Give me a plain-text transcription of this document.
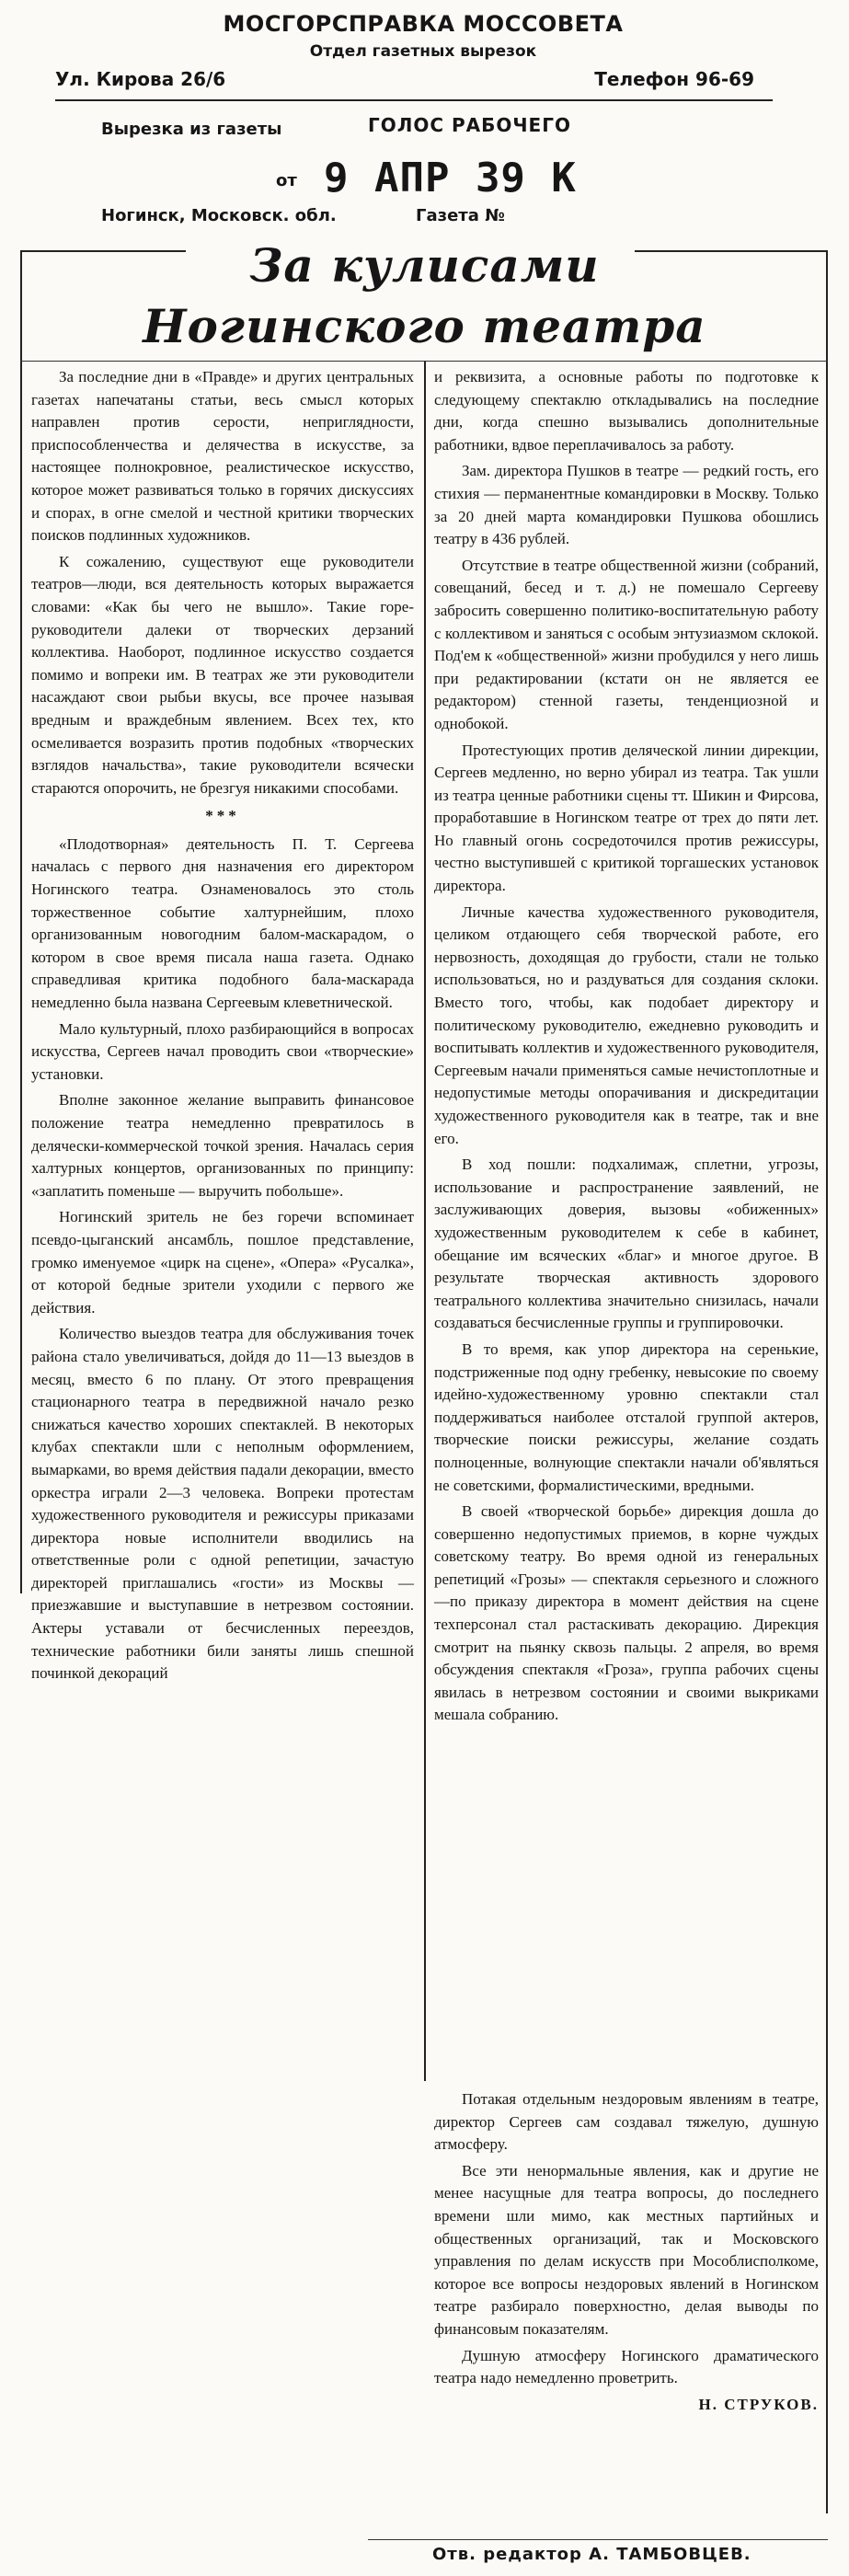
МОСГОРСПРАВКА МОССОВЕТА
Отдел газетных вырезок
Ул. Кирова 26/6	Телефон 96-69
Вырезка из газеты	ГОЛОС РАБОЧЕГО
от 9 АПР 39 К
Ногинск, Московск. обл.	Газета №
За кулисами
Ногинского театра

За последние дни в «Правде» и других центральных газетах напечатаны статьи, весь смысл которых направлен против серости, неприглядности, приспособленчества и делячества в искусстве, за настоящее полнокровное, реалистическое искусство, которое может развиваться только в горячих дискуссиях и спорах, в огне смелой и честной критики творческих поисков подлинных художников.

К сожалению, существуют еще руководители театров—люди, вся деятельность которых выражается словами: «Как бы чего не вышло». Такие горе-руководители далеки от творческих дерзаний коллектива. Наоборот, подлинное искусство создается помимо и вопреки им. В театрах же эти руководители насаждают свои рыбьи вкусы, все прочее называя вредным и враждебным явлением. Всех тех, кто осмеливается возразить против подобных «творческих взглядов начальства», такие руководители всячески стараются опорочить, не брезгуя никакими способами.

***

«Плодотворная» деятельность П. Т. Сергеева началась с первого дня назначения его директором Ногинского театра. Ознаменовалось это столь торжественное событие халтурнейшим, плохо организованным новогодним балом-маскарадом, о котором в свое время писала наша газета. Однако справедливая критика подобного бала-маскарада немедленно была названа Сергеевым клеветнической.

Мало культурный, плохо разбирающийся в вопросах искусства, Сергеев начал проводить свои «творческие» установки.

Вполне законное желание выправить финансовое положение театра немедленно превратилось в делячески-коммерческой точкой зрения. Началась серия халтурных концертов, организованных по принципу: «заплатить поменьше — выручить побольше».

Ногинский зритель не без горечи вспоминает псевдо-цыганский ансамбль, пошлое представление, громко именуемое «цирк на сцене», «Опера» «Русалка», от которой бедные зрители уходили с первого же действия.

Количество выездов театра для обслуживания точек района стало увеличиваться, дойдя до 11—13 выездов в месяц, вместо 6 по плану. От этого превращения стационарного театра в передвижной начало резко снижаться качество хороших спектаклей. В некоторых клубах спектакли шли с неполным оформлением, вымарками, во время действия падали декорации, вместо оркестра играли 2—3 человека. Вопреки протестам художественного руководителя и режиссуры приказами директора новые исполнители вводились на ответственные роли с одной репетиции, зачастую директорей приглашались «гости» из Москвы — приезжавшие и выступавшие в нетрезвом состоянии. Актеры уставали от бесчисленных переездов, технические работники били заняты лишь спешной починкой декораций

и реквизита, а основные работы по подготовке к следующему спектаклю откладывались на последние дни, когда спешно вызывались дополнительные работники, вдвое переплачивалось за работу.

Зам. директора Пушков в театре — редкий гость, его стихия — перманентные командировки в Москву. Только за 20 дней марта командировки Пушкова обошлись театру в 436 рублей.

Отсутствие в театре общественной жизни (собраний, совещаний, бесед и т. д.) не помешало Сергееву забросить совершенно политико-воспитательную работу с коллективом и заняться с особым энтузиазмом склокой. Под'ем к «общественной» жизни пробудился у него лишь при редактировании (кстати он не является ее редактором) стенной газеты, тенденциозной и однобокой.

Протестующих против делячеcкой линии дирекции, Сергеев медленно, но верно убирал из театра. Так ушли из театра ценные работники сцены тт. Шикин и Фирсова, проработавшие в Ногинском театре от трех до пяти лет. Но главный огонь сосредоточился против режиссуры, честно выступившей с критикой торгашеских установок директора.

Личные качества художественного руководителя, целиком отдающего себя творческой работе, его нервозность, доходящая до грубости, стали не только использоваться, но и раздуваться для создания склоки. Вместо того, чтобы, как подобает директору и политическому руководителю, ежедневно руководить и воспитывать коллектив и художественного руководителя, Сергеевым начали применяться самые нечистоплотные и недопустимые методы опорачивания и дискредитации художественного руководителя как в театре, так и вне его.

В ход пошли: подхалимаж, сплетни, угрозы, использование и распространение заявлений, не заслуживающих доверия, вызовы «обиженных» художественным руководителем к себе в кабинет, обещание им всяческих «благ» и многое другое. В результате творческая активность здорового театрального коллектива значительно снизилась, начали создаваться бесчисленные группы и группировочки.

В то время, как упор директора на серенькие, подстриженные под одну гребенку, невысокие по своему идейно-художественному уровню спектакли стал поддерживаться наиболее отсталой группой актеров, творческие поиски режиссуры, желание создать полноценные, волнующие спектакли начали об'являться не советскими, формалистическими, вредными.

В своей «творческой борьбе» дирекция дошла до совершенно недопустимых приемов, в корне чуждых советскому театру. Во время одной из генеральных репетиций «Грозы» — спектакля серьезного и сложного—по приказу директора в момент действия на сцене техперсонал стал растаскивать декорацию. Дирекция смотрит на пьянку сквозь пальцы. 2 апреля, во время обсуждения спектакля «Гроза», группа рабочих сцены явилась в нетрезвом состоянии и своими выкриками мешала собранию.

Потакая отдельным нездоровым явлениям в театре, директор Сергеев сам создавал тяжелую, душную атмосферу.

Все эти ненормальные явления, как и другие не менее насущные для театра вопросы, до последнего времени шли мимо, как местных партийных и общественных организаций, так и Московского управления по делам искусств при Мособлисполкоме, которое все вопросы нездоровых явлений в Ногинском театре разбирало поверхностно, делая выводы по финансовым показателям.

Душную атмосферу Ногинского драматического театра надо немедленно проветрить.

Н. СТРУКОВ.
Отв. редактор А. ТАМБОВЦЕВ.
